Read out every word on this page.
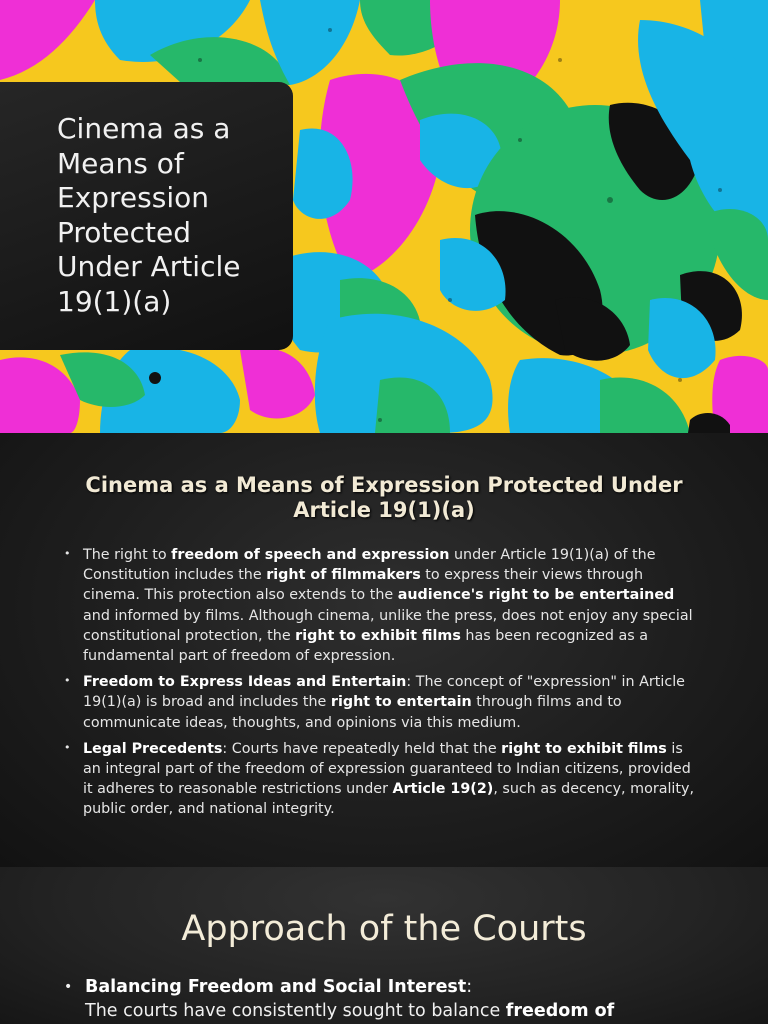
Cinema as a Means of Expression Protected Under Article 19(1)(a)
Cinema as a Means of Expression Protected Under Article 19(1)(a)
• The right to freedom of speech and expression under Article 19(1)(a) of the Constitution includes the right of filmmakers to express their views through cinema. This protection also extends to the audience's right to be entertained and informed by films. Although cinema, unlike the press, does not enjoy any special constitutional protection, the right to exhibit films has been recognized as a fundamental part of freedom of expression.
• Freedom to Express Ideas and Entertain: The concept of "expression" in Article 19(1)(a) is broad and includes the right to entertain through films and to communicate ideas, thoughts, and opinions via this medium.
• Legal Precedents: Courts have repeatedly held that the right to exhibit films is an integral part of the freedom of expression guaranteed to Indian citizens, provided it adheres to reasonable restrictions under Article 19(2), such as decency, morality, public order, and national integrity.
Approach of the Courts
• Balancing Freedom and Social Interest:
The courts have consistently sought to balance freedom of
